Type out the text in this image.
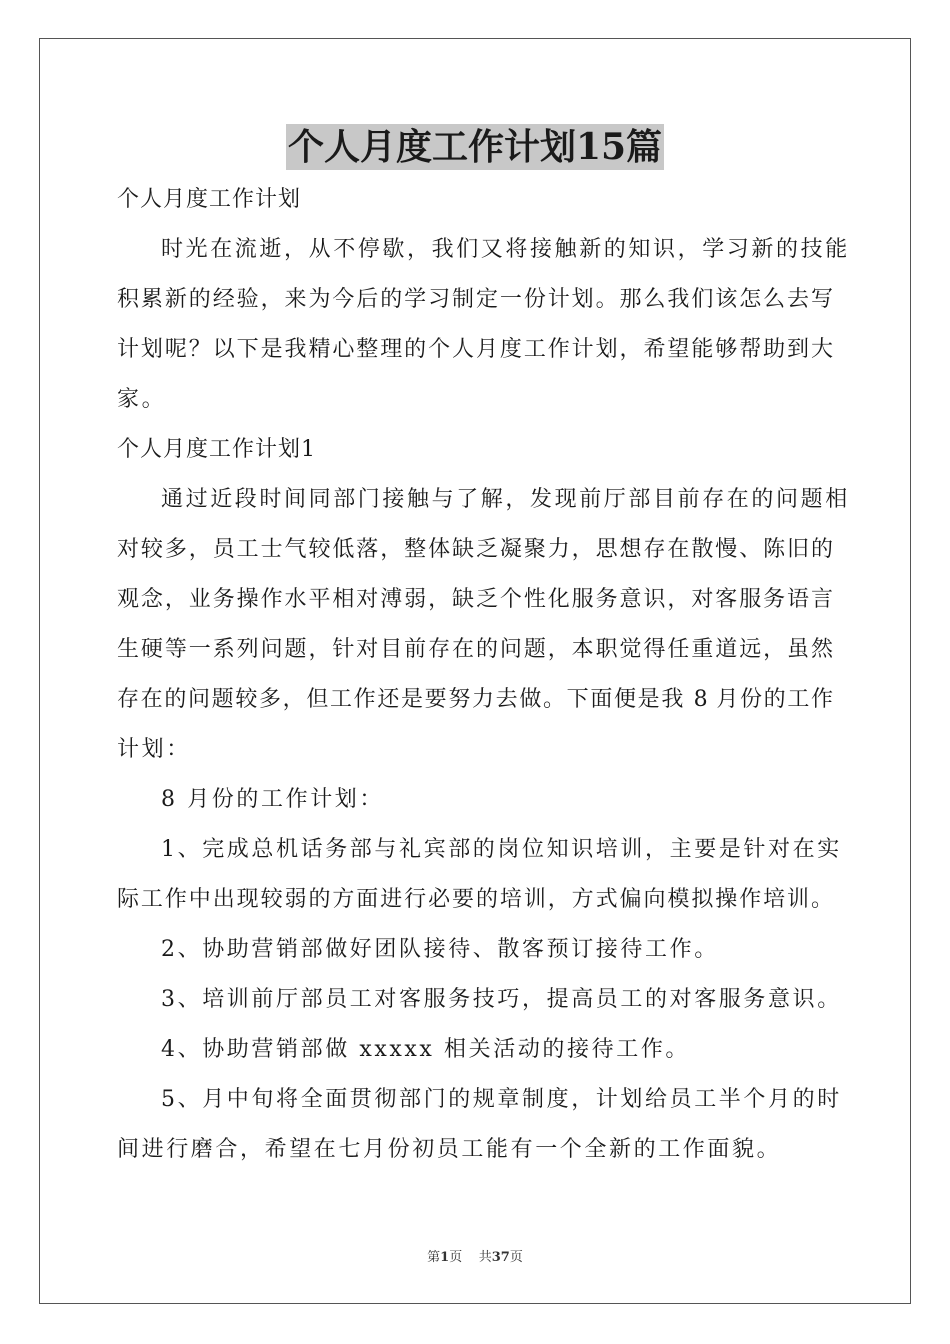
个人月度工作计划15篇
个人月度工作计划
时光在流逝，从不停歇，我们又将接触新的知识，学习新的技能
积累新的经验，来为今后的学习制定一份计划。那么我们该怎么去写
计划呢？以下是我精心整理的个人月度工作计划，希望能够帮助到大
家。
个人月度工作计划1
通过近段时间同部门接触与了解，发现前厅部目前存在的问题相
对较多，员工士气较低落，整体缺乏凝聚力，思想存在散慢、陈旧的
观念，业务操作水平相对溥弱，缺乏个性化服务意识，对客服务语言
生硬等一系列问题，针对目前存在的问题，本职觉得任重道远，虽然
存在的问题较多，但工作还是要努力去做。下面便是我 8 月份的工作
计划：
8 月份的工作计划：
1、完成总机话务部与礼宾部的岗位知识培训，主要是针对在实
际工作中出现较弱的方面进行必要的培训，方式偏向模拟操作培训。
2、协助营销部做好团队接待、散客预订接待工作。
3、培训前厅部员工对客服务技巧，提高员工的对客服务意识。
4、协助营销部做 xxxxx 相关活动的接待工作。
5、月中旬将全面贯彻部门的规章制度，计划给员工半个月的时
间进行磨合，希望在七月份初员工能有一个全新的工作面貌。
第1页 共37页
